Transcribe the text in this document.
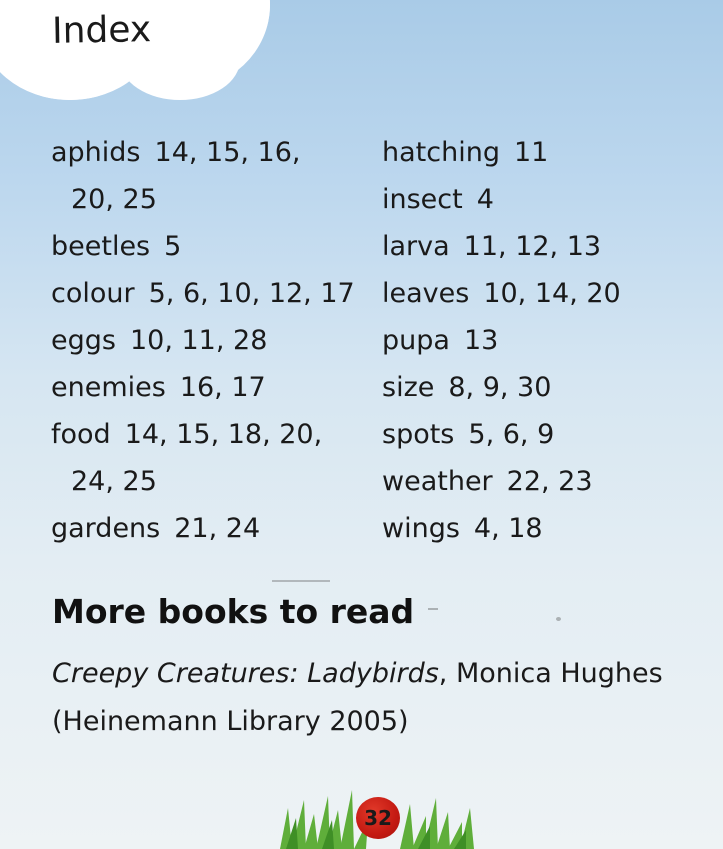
Index
aphids 14, 15, 16,
20, 25
beetles 5
colour 5, 6, 10, 12, 17
eggs 10, 11, 28
enemies 16, 17
food 14, 15, 18, 20,
24, 25
gardens 21, 24
hatching 11
insect 4
larva 11, 12, 13
leaves 10, 14, 20
pupa 13
size 8, 9, 30
spots 5, 6, 9
weather 22, 23
wings 4, 18
More books to read

Creepy Creatures: Ladybirds, Monica Hughes
(Heinemann Library 2005)

32
